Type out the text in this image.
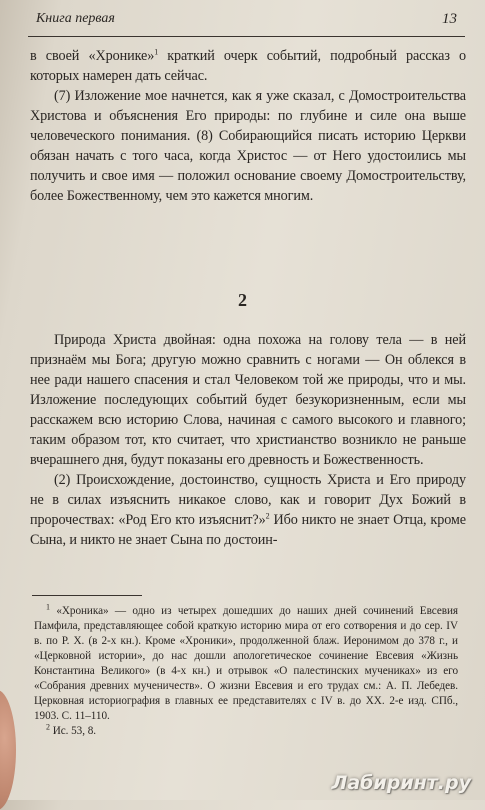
Книга первая	13

в своей «Хронике»$^1$ краткий очерк событий, подробный рассказ о которых намерен дать сейчас.

(7) Изложение мое начнется, как я уже сказал, с Домостроительства Христова и объяснения Его природы: по глубине и силе она выше человеческого понимания. (8) Собирающийся писать историю Церкви обязан начать с того часа, когда Христос — от Него удостоились мы получить и свое имя — положил основание своему Домостроительству, более Божественному, чем это кажется многим.

2

Природа Христа двойная: одна похожа на голову тела — в ней признаём мы Бога; другую можно сравнить с ногами — Он облекся в нее ради нашего спасения и стал Человеком той же природы, что и мы. Изложение последующих событий будет безукоризненным, если мы расскажем всю историю Слова, начиная с самого высокого и главного; таким образом тот, кто считает, что христианство возникло не раньше вчерашнего дня, будут показаны его древность и Божественность.

(2) Происхождение, достоинство, сущность Христа и Его природу не в силах изъяснить никакое слово, как и говорит Дух Божий в пророчествах: «Род Его кто изъяснит?»$^2$ Ибо никто не знает Отца, кроме Сына, и никто не знает Сына по достоин-

$^1$ «Хроника» — одно из четырех дошедших до наших дней сочинений Евсевия Памфила, представляющее собой краткую историю мира от его сотворения и до сер. IV в. по Р. Х. (в 2-х кн.). Кроме «Хроники», продолженной блаж. Иеронимом до 378 г., и «Церковной истории», до нас дошли апологетическое сочинение Евсевия «Жизнь Константина Великого» (в 4-х кн.) и отрывок «О палестинских мучениках» из его «Собрания древних мученичеств». О жизни Евсевия и его трудах см.: А. П. Лебедев. Церковная историография в главных ее представителях с IV в. до XX. 2-е изд. СПб., 1903. С. 11–110.

$^2$ Ис. 53, 8.

Лабиринт.ру
